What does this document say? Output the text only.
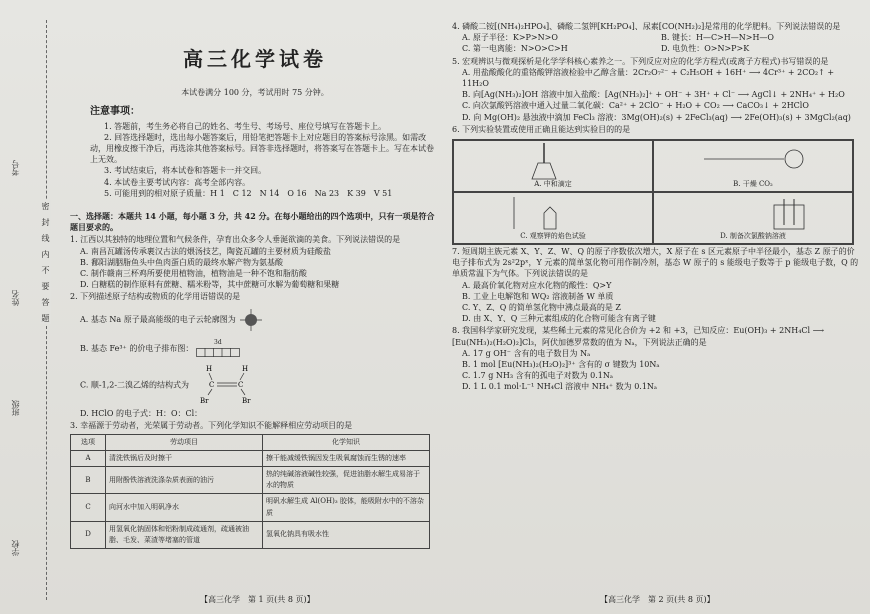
考号
姓名
班级
学校
密　封　线　内　不　要　答　题
高三化学试卷
本试卷满分 100 分，考试用时 75 分钟。
注意事项：
1. 答题前，考生务必将自己的姓名、考生号、考场号、座位号填写在答题卡上。
2. 回答选择题时，选出每小题答案后，用铅笔把答题卡上对应题目的答案标号涂黑。如需改动，用橡皮擦干净后，再选涂其他答案标号。回答非选择题时，将答案写在答题卡上。写在本试卷上无效。
3. 考试结束后，将本试卷和答题卡一并交回。
4. 本试卷主要考试内容：高考全部内容。
5. 可能用到的相对原子质量：H 1　C 12　N 14　O 16　Na 23　K 39　V 51
一、选择题：本题共 14 小题，每小题 3 分，共 42 分。在每小题给出的四个选项中，只有一项是符合题目要求的。
1. 江西以其独特的地理位置和气候条件，孕育出众多令人垂涎欲滴的美食。下列说法错误的是
A. 南昌瓦罐汤传承裹汉古法的煨汤技艺，陶瓷瓦罐的主要材质为硅酸盐
B. 鄱阳湖胭脂鱼头中鱼肉蛋白质的最终水解产物为氨基酸
C. 制作赣南三杯鸡所要使用植物油，植物油是一种不饱和脂肪酸
D. 白糖糕的制作原料有蔗糖、糯米粉等，其中蔗糖可水解为葡萄糖和果糖
2. 下列描述原子结构或物质的化学用语错误的是
A. 基态 Na 原子最高能级的电子云轮廓图为
B. 基态 Fe³⁺ 的价电子排布图： 3d

C. 顺-1,2-二溴乙烯的结构式为
H	H
C	C
Br	Br
D. HClO 的电子式：H：O：Cl：
3. 幸福源于劳动者，光荣属于劳动者。下列化学知识不能解释相应劳动项目的是
选项	劳动项目	化学知识
A	清洗铁锅后及时擦干	擦干能减缓铁锅因发生吸氧腐蚀而生锈的速率
B	用附酚铁溶液洗涤杂质表面的油污	热的纯碱溶液碱性较强，促进油脂水解生成易溶于水的物质
C	向河水中加入明矾净水	明矾水解生成 Al(OH)₃ 胶体，能吸附水中的不溶杂质
D	用氢氧化钠固体和铝粉制成疏通剂，疏通被油脂、毛发、菜渣等堵塞的管道	氢氧化钠具有吸水性
4. 磷酸二铵[(NH₄)₂HPO₄]、磷酸二氢钾[KH₂PO₄]、尿素[CO(NH₂)₂]是常用的化学肥料。下列说法错误的是
A. 原子半径：K>P>N>O	B. 键长：H—C>H—N>H—O
C. 第一电离能：N>O>C>H	D. 电负性：O>N>P>K
5. 宏观辨识与微观探析是化学学科核心素养之一。下列反应对应的化学方程式(或离子方程式)书写错误的是
A. 用盐酸酸化的重铬酸钾溶液检验中乙醇含量：2Cr₂O₇²⁻ + C₂H₅OH + 16H⁺ ⟶ 4Cr³⁺ + 2CO₂↑ + 11H₂O
B. 向[Ag(NH₃)₂]OH 溶液中加入盐酸：[Ag(NH₃)₂]⁺ + OH⁻ + 3H⁺ + Cl⁻ ⟶ AgCl↓ + 2NH₄⁺ + H₂O
C. 向次氯酸钙溶液中通入过量二氧化碳：Ca²⁺ + 2ClO⁻ + H₂O + CO₂ ⟶ CaCO₃↓ + 2HClO
D. 向 Mg(OH)₂ 悬浊液中滴加 FeCl₃ 溶液：3Mg(OH)₂(s) + 2FeCl₃(aq) ⟶ 2Fe(OH)₃(s) + 3MgCl₂(aq)
6. 下列实验装置或使用正确且能达到实验目的的是
A. 中和滴定	B. 干燥 CO₂
C. 观察钾的焰色试验	D. 制备次氯酸钠溶液
7. 短周期主族元素 X、Y、Z、W、Q 的原子序数依次增大，X 原子在 s 区元素原子中半径最小，基态 Z 原子的价电子排布式为 2s²2pˣ，Y 元素的简单氢化物可用作制冷剂，基态 W 原子的 s 能级电子数等于 p 能级电子数，Q 的单质常温下为气体。下列说法错误的是
A. 最高价氧化物对应水化物的酸性：Q>Y
B. 工业上电解饱和 WQ₂ 溶液制备 W 单质
C. Y、Z、Q 的简单氢化物中沸点最高的是 Z
D. 由 X、Y、Q 三种元素组成的化合物可能含有离子键
8. 我国科学家研究发现，某些稀土元素的常见化合价为 +2 和 +3，已知反应：Eu(OH)₃ + 2NH₄Cl ⟶ [Eu(NH₃)₂(H₂O)₂]Cl₃，阿伏加德罗常数的值为 Nₐ，下列说法正确的是
A. 17 g OH⁻ 含有的电子数目为 Nₐ
B. 1 mol [Eu(NH₃)₂(H₂O)₂]³⁺ 含有的 σ 键数为 10Nₐ
C. 1.7 g NH₃ 含有的孤电子对数为 0.1Nₐ
D. 1 L 0.1 mol·L⁻¹ NH₄Cl 溶液中 NH₄⁺ 数为 0.1Nₐ
【高三化学　第 1 页(共 8 页)】	【高三化学　第 2 页(共 8 页)】
